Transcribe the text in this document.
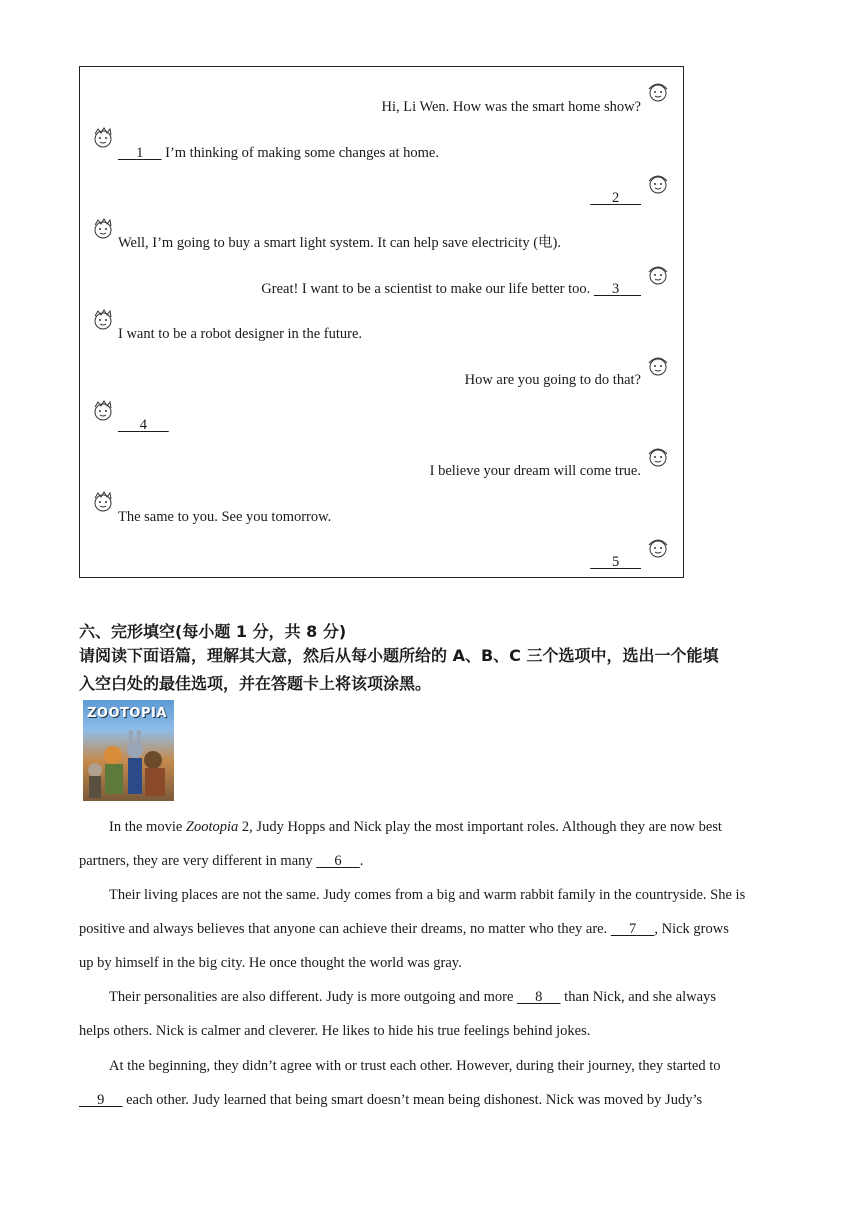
Hi, Li Wen. How was the smart home show?
1      I’m thinking of making some changes at home.
2
Well, I’m going to buy a smart light system. It can help save electricity (电).
Great! I want to be a scientist to make our life better too.      3
I want to be a robot designer in the future.
How are you going to do that?
4
I believe your dream will come true.
The same to you. See you tomorrow.
5
六、完形填空(每小题 1 分，共 8 分)
请阅读下面语篇，理解其大意，然后从每小题所给的 A、B、C 三个选项中，选出一个能填
入空白处的最佳选项，并在答题卡上将该项涂黑。
ZOOTOPIA
In the movie Zootopia 2, Judy Hopps and Nick play the most important roles. Although they are now best
partners, they are very different in many      6 .
Their living places are not the same. Judy comes from a big and warm rabbit family in the countryside. She is
positive and always believes that anyone can achieve their dreams, no matter who they are.      7 , Nick grows
up by himself in the big city. He once thought the world was gray.
Their personalities are also different. Judy is more outgoing and more      8      than Nick, and she always
helps others. Nick is calmer and cleverer. He likes to hide his true feelings behind jokes.
At the beginning, they didn’t agree with or trust each other. However, during their journey, they started to
9      each other. Judy learned that being smart doesn’t mean being dishonest. Nick was moved by Judy’s
